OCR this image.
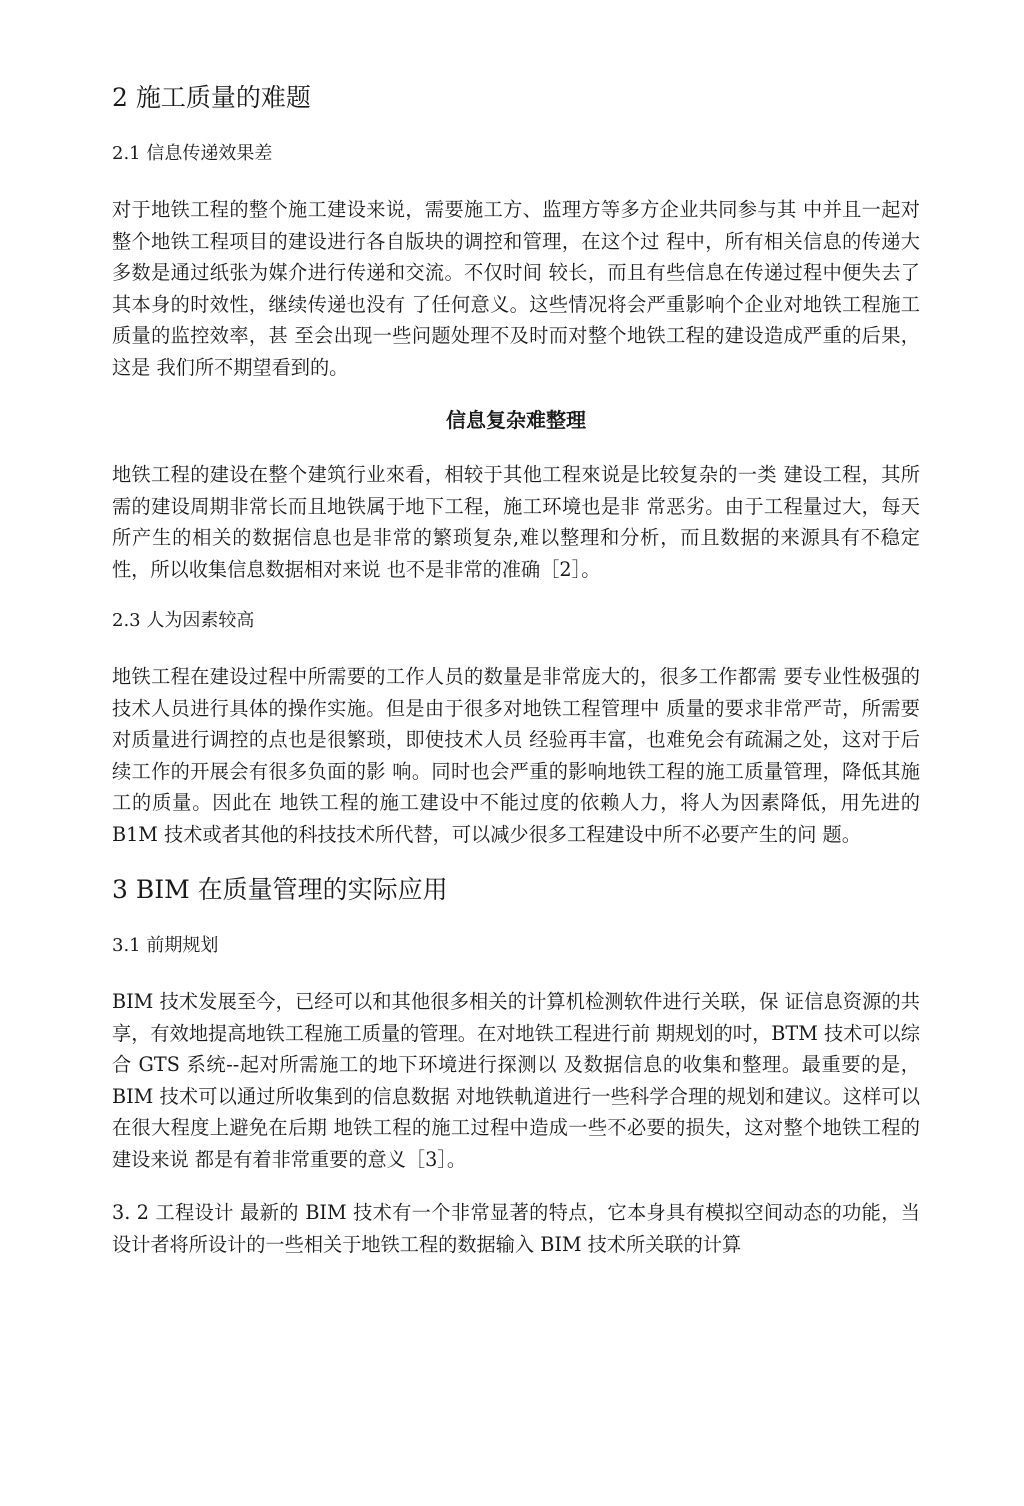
2 施工质量的难题
2.1 信息传递效果差

对于地铁工程的整个施工建设来说，需要施工方、监理方等多方企业共同参与其 中并且一起对整个地铁工程项目的建设进行各自版块的调控和管理，在这个过 程中，所有相关信息的传递大多数是通过纸张为媒介进行传递和交流。不仅时间 较长，而且有些信息在传递过程中便失去了其本身的时效性，继续传递也没有 了任何意义。这些情况将会严重影响个企业对地铁工程施工质量的监控效率，甚 至会出现一些问题处理不及时而对整个地铁工程的建设造成严重的后果，这是 我们所不期望看到的。

信息复杂难整理

地铁工程的建设在整个建筑行业來看，相较于其他工程來说是比较复杂的一类 建设工程，其所需的建设周期非常长而且地铁属于地下工程，施工环境也是非 常恶劣。由于工程量过大，每天所产生的相关的数据信息也是非常的繁琐复杂,难以整理和分析，而且数据的来源具有不稳定性，所以收集信息数据相对来说 也不是非常的准确［2］。

2.3 人为因素较高

地铁工程在建设过程中所需要的工作人员的数量是非常庞大的，很多工作都需 要专业性极强的技术人员进行具体的操作实施。但是由于很多对地铁工程管理中 质量的要求非常严苛，所需要对质量进行调控的点也是很繁琐，即使技术人员 经验再丰富，也难免会有疏漏之处，这对于后续工作的开展会有很多负面的影 响。同时也会严重的影响地铁工程的施工质量管理，降低其施工的质量。因此在 地铁工程的施工建设中不能过度的依赖人力，将人为因素降低，用先进的 B1M 技术或者其他的科技技术所代替，可以减少很多工程建设中所不必要产生的问 题。

3 BIM 在质量管理的实际应用
3.1 前期规划

BIM 技术发展至今，已经可以和其他很多相关的计算机检测软件进行关联，保 证信息资源的共享，有效地提高地铁工程施工质量的管理。在对地铁工程进行前 期规划的吋，BTM 技术可以综合 GTS 系统--起对所需施工的地下环境进行探测以 及数据信息的收集和整理。最重要的是，BIM 技术可以通过所收集到的信息数据 对地铁軌道进行一些科学合理的规划和建议。这样可以在很大程度上避免在后期 地铁工程的施工过程中造成一些不必要的损失，这对整个地铁工程的建设来说 都是有着非常重要的意义［3］。

3. 2 工程设计 最新的 BIM 技术有一个非常显著的特点，它本身具有模拟空间动态的功能，当 设计者将所设计的一些相关于地铁工程的数据输入 BIM 技术所关联的计算
